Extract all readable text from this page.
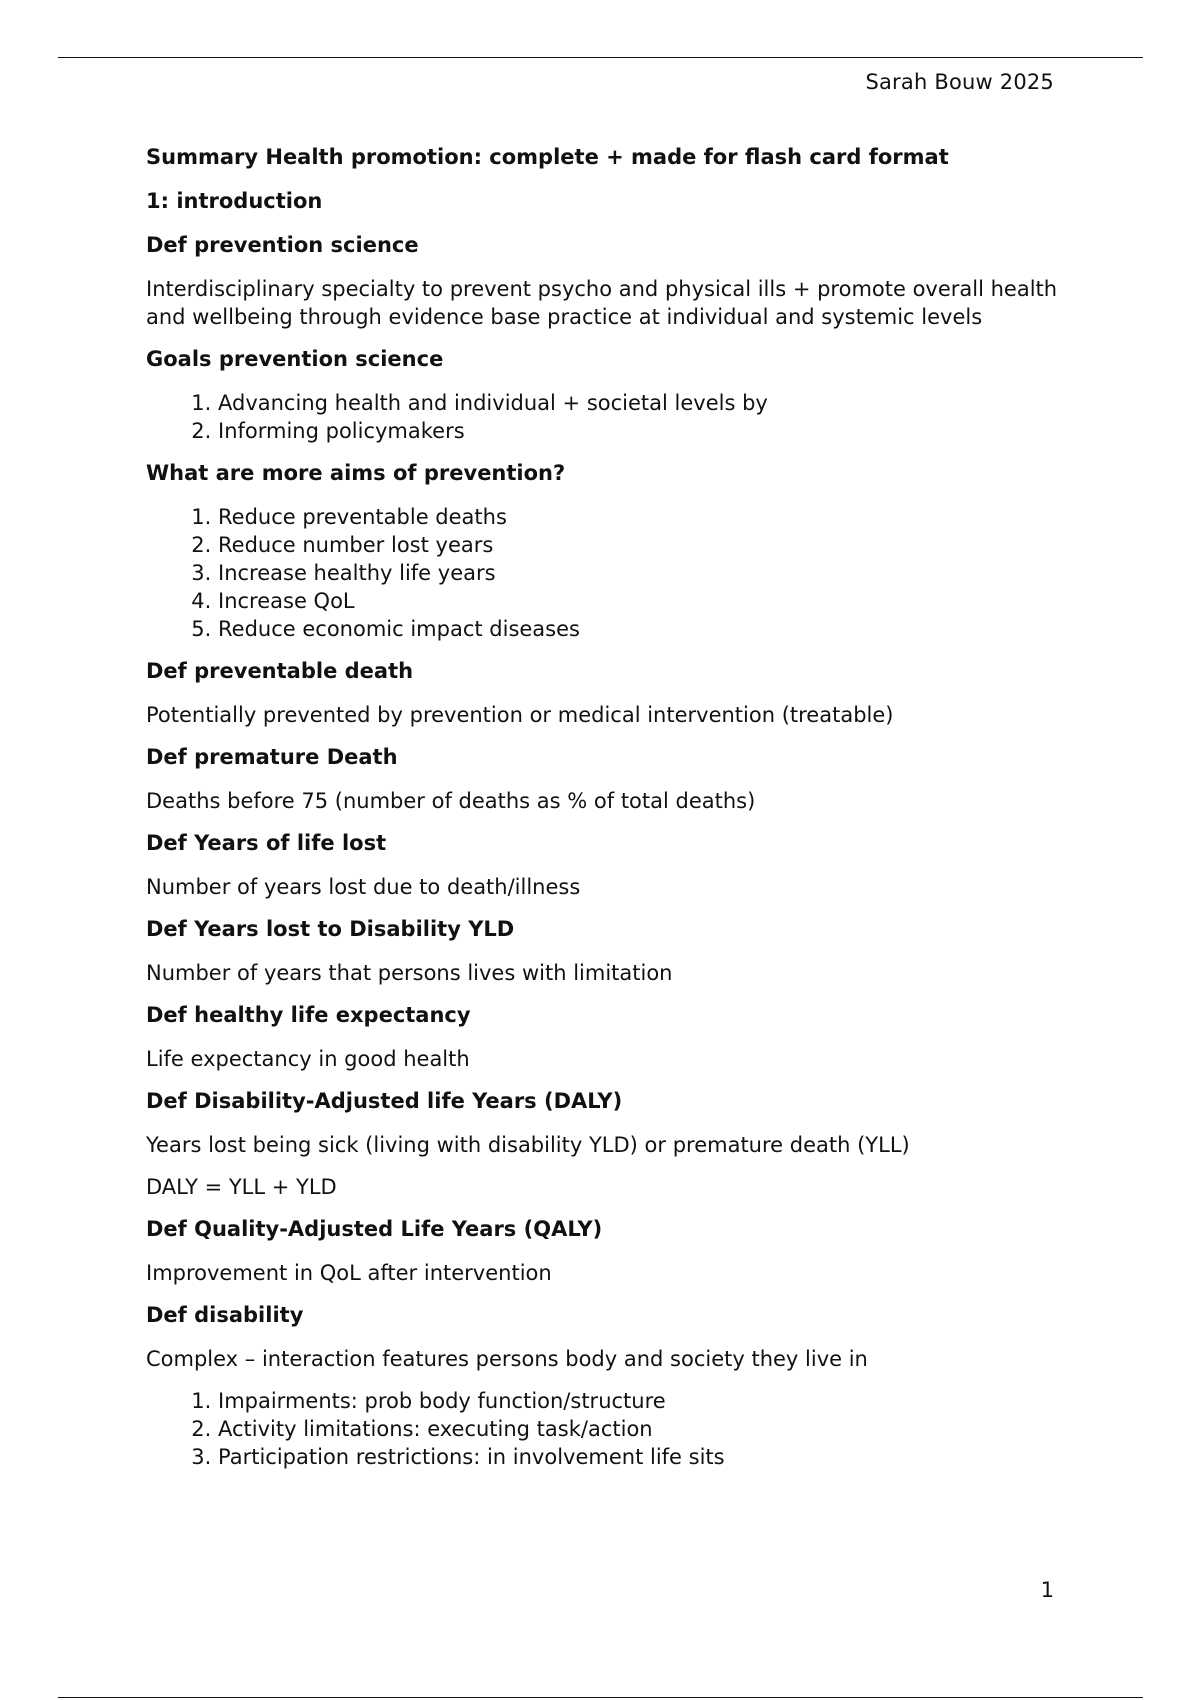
Sarah Bouw 2025
Summary Health promotion: complete + made for flash card format
1: introduction
Def prevention science
Interdisciplinary specialty to prevent psycho and physical ills + promote overall health and wellbeing through evidence base practice at individual and systemic levels
Goals prevention science
1. Advancing health and individual + societal levels by
2. Informing policymakers
What are more aims of prevention?
1. Reduce preventable deaths
2. Reduce number lost years
3. Increase healthy life years
4. Increase QoL
5. Reduce economic impact diseases
Def preventable death
Potentially prevented by prevention or medical intervention (treatable)
Def premature Death
Deaths before 75 (number of deaths as % of total deaths)
Def Years of life lost
Number of years lost due to death/illness
Def Years lost to Disability YLD
Number of years that persons lives with limitation
Def healthy life expectancy
Life expectancy in good health
Def Disability-Adjusted life Years (DALY)
Years lost being sick (living with disability YLD) or premature death (YLL)
DALY = YLL + YLD
Def Quality-Adjusted Life Years (QALY)
Improvement in QoL after intervention
Def disability
Complex – interaction features persons body and society they live in
1. Impairments: prob body function/structure
2. Activity limitations: executing task/action
3. Participation restrictions: in involvement life sits
1
